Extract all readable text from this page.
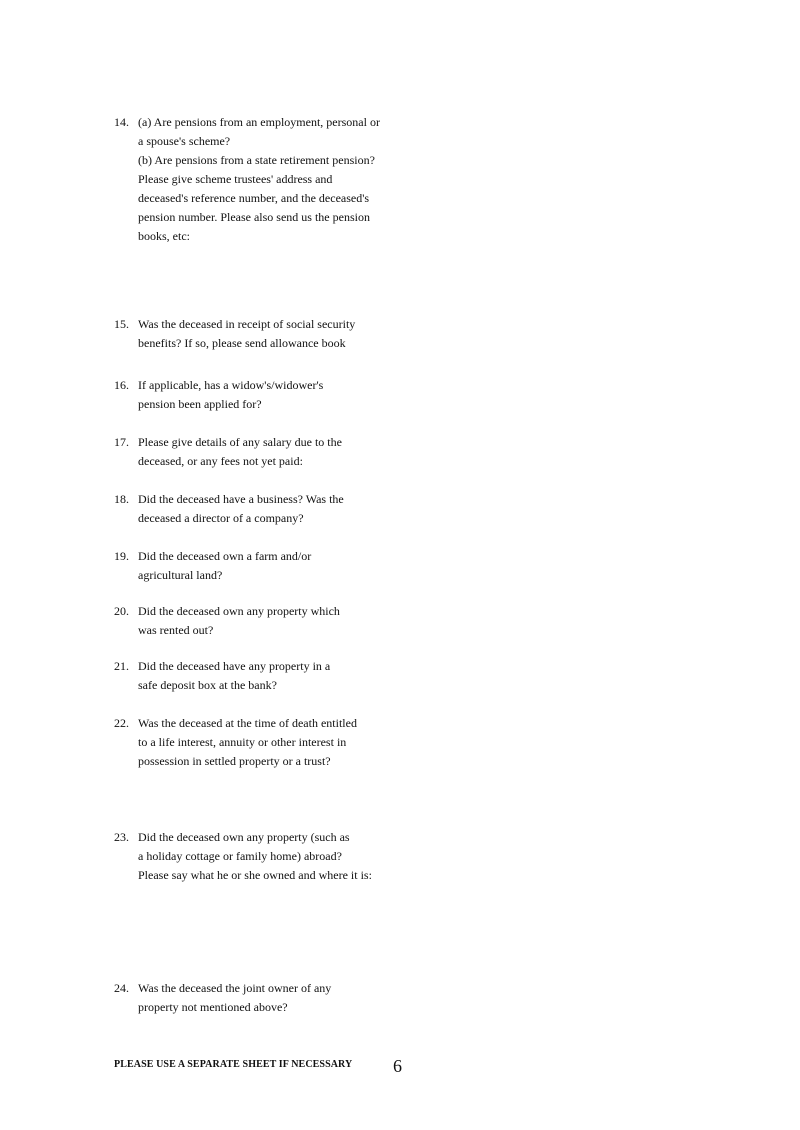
14. (a) Are pensions from an employment, personal or
a spouse's scheme?
(b) Are pensions from a state retirement pension?
Please give scheme trustees' address and
deceased's reference number, and the deceased's
pension number. Please also send us the pension
books, etc:
15. Was the deceased in receipt of social security
benefits? If so, please send allowance book
16. If applicable, has a widow's/widower's
pension been applied for?
17. Please give details of any salary due to the
deceased, or any fees not yet paid:
18. Did the deceased have a business? Was the
deceased a director of a company?
19. Did the deceased own a farm and/or
agricultural land?
20. Did the deceased own any property which
was rented out?
21. Did the deceased have any property in a
safe deposit box at the bank?
22. Was the deceased at the time of death entitled
to a life interest, annuity or other interest in
possession in settled property or a trust?
23. Did the deceased own any property (such as
a holiday cottage or family home) abroad?
Please say what he or she owned and where it is:
24. Was the deceased the joint owner of any
property not mentioned above?
PLEASE USE A SEPARATE SHEET IF NECESSARY 6
